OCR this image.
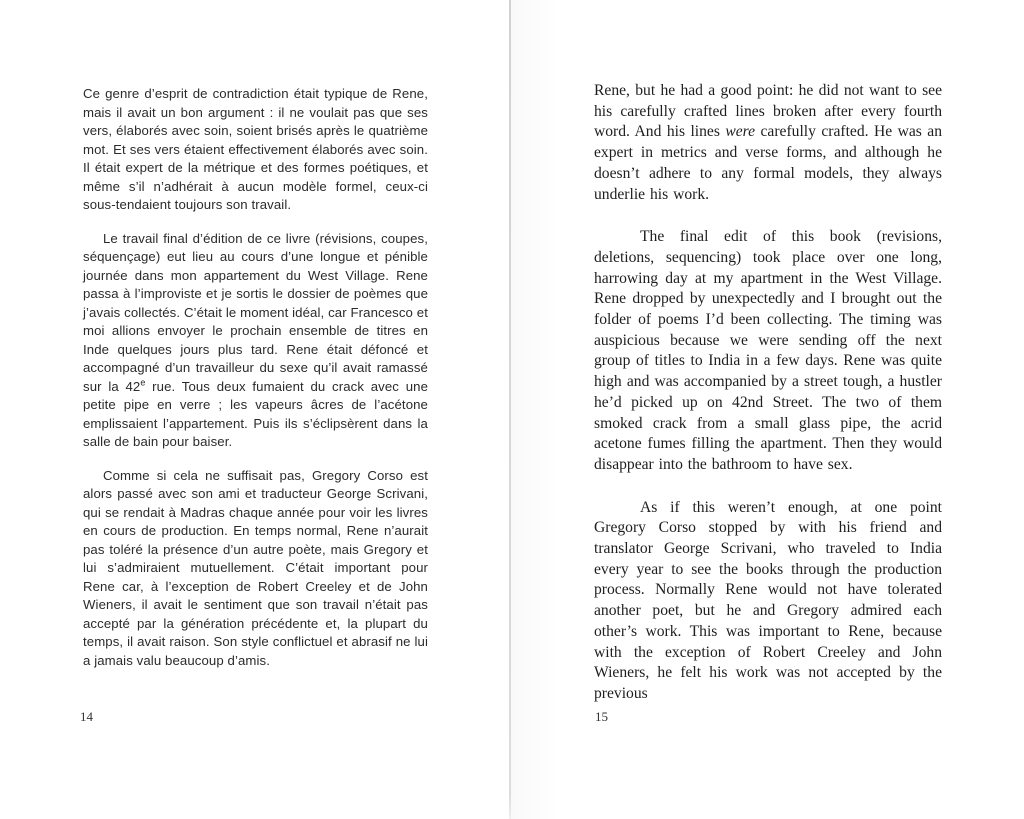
Ce genre d’esprit de contradiction était typique de Rene, mais il avait un bon argument : il ne voulait pas que ses vers, élaborés avec soin, soient brisés après le quatrième mot. Et ses vers étaient effectivement élaborés avec soin. Il était expert de la métrique et des formes poétiques, et même s’il n’adhérait à aucun modèle formel, ceux-ci sous-tendaient toujours son travail.

Le travail final d’édition de ce livre (révisions, coupes, séquençage) eut lieu au cours d’une longue et pénible journée dans mon appartement du West Village. Rene passa à l’improviste et je sortis le dossier de poèmes que j’avais collectés. C’était le moment idéal, car Francesco et moi allions envoyer le prochain ensemble de titres en Inde quelques jours plus tard. Rene était défoncé et accompagné d’un travailleur du sexe qu’il avait ramassé sur la 42e rue. Tous deux fumaient du crack avec une petite pipe en verre ; les vapeurs âcres de l’acétone emplissaient l’appartement. Puis ils s’éclipsèrent dans la salle de bain pour baiser.

Comme si cela ne suffisait pas, Gregory Corso est alors passé avec son ami et traducteur George Scrivani, qui se rendait à Madras chaque année pour voir les livres en cours de production. En temps normal, Rene n’aurait pas toléré la présence d’un autre poète, mais Gregory et lui s’admiraient mutuellement. C’était important pour Rene car, à l’exception de Robert Creeley et de John Wieners, il avait le sentiment que son travail n’était pas accepté par la génération précédente et, la plupart du temps, il avait raison. Son style conflictuel et abrasif ne lui a jamais valu beaucoup d’amis.

Rene, but he had a good point: he did not want to see his carefully crafted lines broken after every fourth word. And his lines were carefully crafted. He was an expert in metrics and verse forms, and although he doesn’t adhere to any formal models, they always underlie his work.

The final edit of this book (revisions, deletions, sequencing) took place over one long, harrowing day at my apartment in the West Village. Rene dropped by unexpectedly and I brought out the folder of poems I’d been collecting. The timing was auspicious because we were sending off the next group of titles to India in a few days. Rene was quite high and was accompanied by a street tough, a hustler he’d picked up on 42nd Street. The two of them smoked crack from a small glass pipe, the acrid acetone fumes filling the apartment. Then they would disappear into the bathroom to have sex.

As if this weren’t enough, at one point Gregory Corso stopped by with his friend and translator George Scrivani, who traveled to India every year to see the books through the production process. Normally Rene would not have tolerated another poet, but he and Gregory admired each other’s work. This was important to Rene, because with the exception of Robert Creeley and John Wieners, he felt his work was not accepted by the previous

14	15
